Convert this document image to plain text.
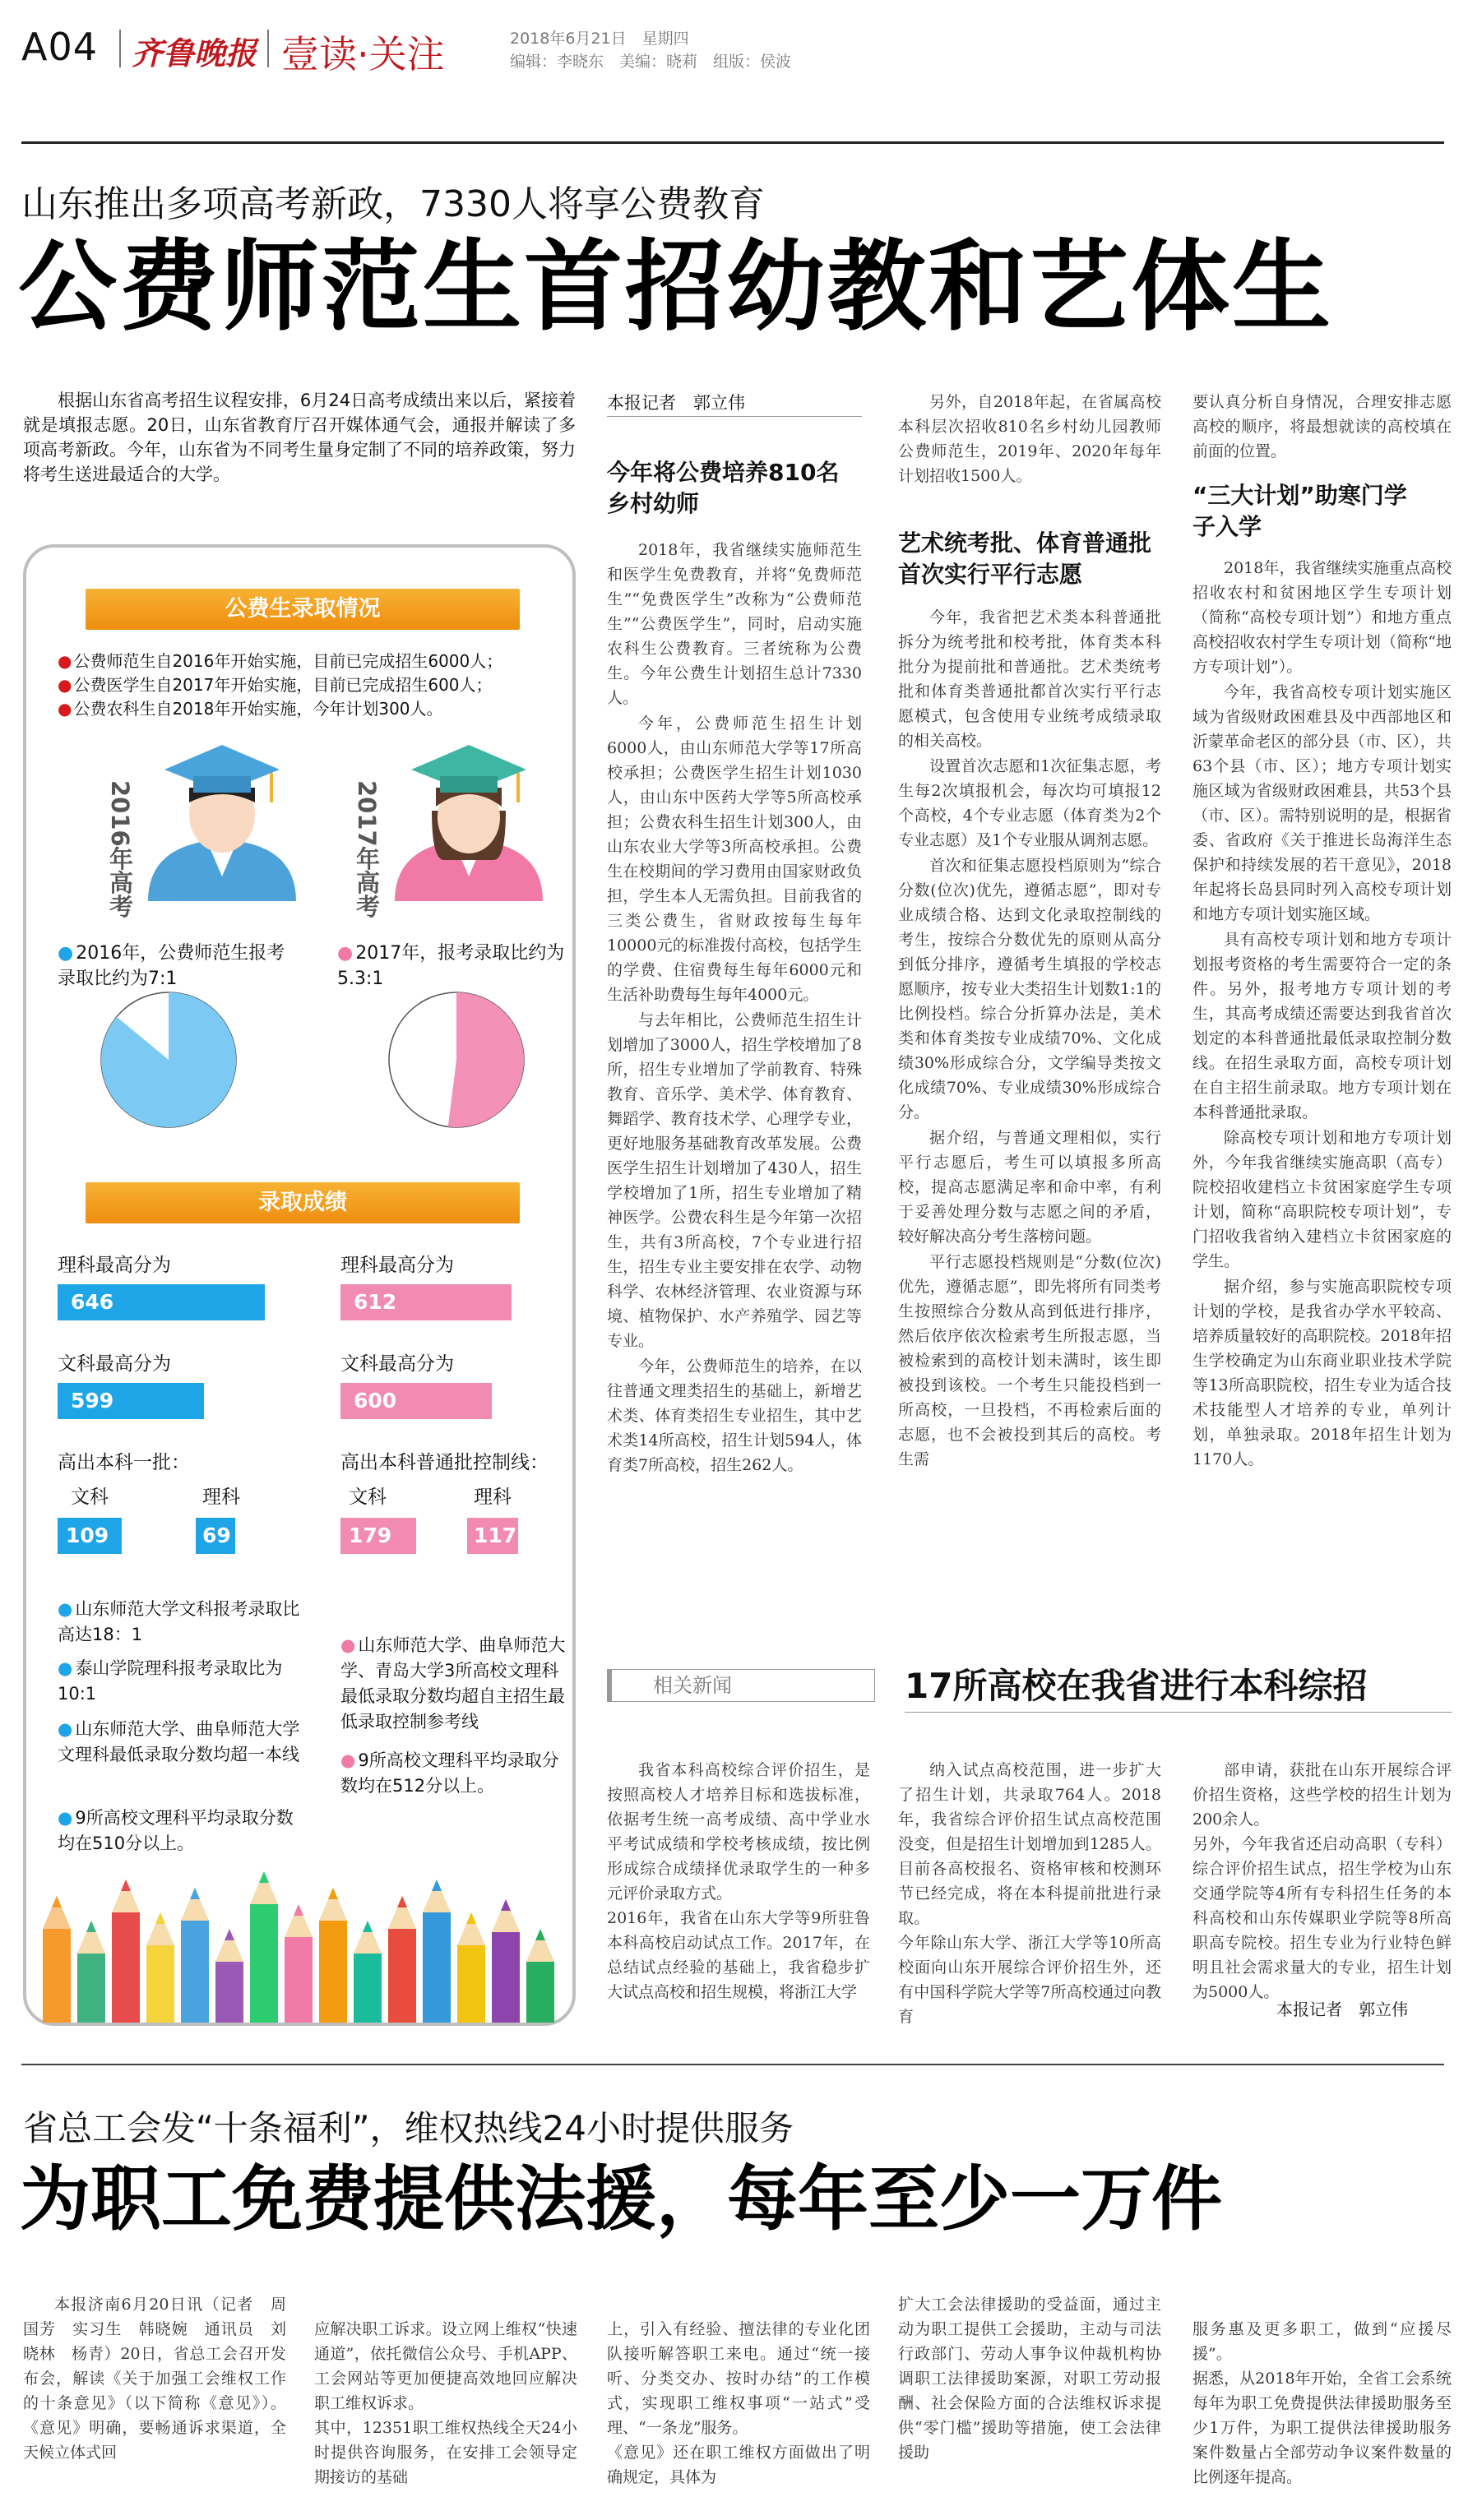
A04 齐鲁晚报 壹读·关注	2018年6月21日　星期四
编辑：李晓东　美编：晓莉　组版：侯波
山东推出多项高考新政，7330人将享公费教育
公费师范生首招幼教和艺体生

根据山东省高考招生议程安排，6月24日高考成绩出来以后，紧接着就是填报志愿。20日，山东省教育厅召开媒体通气会，通报并解读了多项高考新政。今年，山东省为不同考生量身定制了不同的培养政策，努力将考生送进最适合的大学。

公费生录取情况
● 公费师范生自2016年开始实施，目前已完成招生6000人；
● 公费医学生自2017年开始实施，目前已完成招生600人；
● 公费农科生自2018年开始实施，今年计划300人。
2016年高考	2017年高考
● 2016年，公费师范生报考录取比约为7:1
● 2017年，报考录取比约为5.3:1
录取成绩
理科最高分为
646
文科最高分为
599
理科最高分为
612
文科最高分为
600
高出本科一批：
文科	理科
109	69
高出本科普通批控制线：
文科	理科
179	117
● 山东师范大学文科报考录取比高达18：1
● 泰山学院理科报考录取比为10:1
● 山东师范大学、曲阜师范大学文理科最低录取分数均超一本线
● 9所高校文理科平均录取分数均在510分以上。
● 山东师范大学、曲阜师范大学、青岛大学3所高校文理科最低录取分数均超自主招生最低录取控制参考线
● 9所高校文理科平均录取分数均在512分以上。
本报记者　郭立伟
今年将公费培养810名乡村幼师

2018年，我省继续实施师范生和医学生免费教育，并将“免费师范生”“免费医学生”改称为“公费师范生”“公费医学生”，同时，启动实施农科生公费教育。三者统称为公费生。今年公费生计划招生总计7330人。

今年，公费师范生招生计划6000人，由山东师范大学等17所高校承担；公费医学生招生计划1030人，由山东中医药大学等5所高校承担；公费农科生招生计划300人，由山东农业大学等3所高校承担。公费生在校期间的学习费用由国家财政负担，学生本人无需负担。目前我省的三类公费生，省财政按每生每年10000元的标准拨付高校，包括学生的学费、住宿费每生每年6000元和生活补助费每生每年4000元。

与去年相比，公费师范生招生计划增加了3000人，招生学校增加了8所，招生专业增加了学前教育、特殊教育、音乐学、美术学、体育教育、舞蹈学、教育技术学、心理学专业，更好地服务基础教育改革发展。公费医学生招生计划增加了430人，招生学校增加了1所，招生专业增加了精神医学。公费农科生是今年第一次招生，共有3所高校，7个专业进行招生，招生专业主要安排在农学、动物科学、农林经济管理、农业资源与环境、植物保护、水产养殖学、园艺等专业。

今年，公费师范生的培养，在以往普通文理类招生的基础上，新增艺术类、体育类招生专业招生，其中艺术类14所高校，招生计划594人，体育类7所高校，招生262人。

另外，自2018年起，在省属高校本科层次招收810名乡村幼儿园教师公费师范生，2019年、2020年每年计划招收1500人。

艺术统考批、体育普通批首次实行平行志愿

今年，我省把艺术类本科普通批拆分为统考批和校考批，体育类本科批分为提前批和普通批。艺术类统考批和体育类普通批都首次实行平行志愿模式，包含使用专业统考成绩录取的相关高校。

设置首次志愿和1次征集志愿，考生每2次填报机会，每次均可填报12个高校，4个专业志愿（体育类为2个专业志愿）及1个专业服从调剂志愿。

首次和征集志愿投档原则为“综合分数(位次)优先，遵循志愿”，即对专业成绩合格、达到文化录取控制线的考生，按综合分数优先的原则从高分到低分排序，遵循考生填报的学校志愿顺序，按专业大类招生计划数1:1的比例投档。综合分折算办法是，美术类和体育类按专业成绩70%、文化成绩30%形成综合分，文学编导类按文化成绩70%、专业成绩30%形成综合分。

据介绍，与普通文理相似，实行平行志愿后，考生可以填报多所高校，提高志愿满足率和命中率，有利于妥善处理分数与志愿之间的矛盾，较好解决高分考生落榜问题。

平行志愿投档规则是“分数(位次)优先，遵循志愿”，即先将所有同类考生按照综合分数从高到低进行排序，然后依序依次检索考生所报志愿，当被检索到的高校计划未满时，该生即被投到该校。一个考生只能投档到一所高校，一旦投档，不再检索后面的志愿，也不会被投到其后的高校。考生需

要认真分析自身情况，合理安排志愿高校的顺序，将最想就读的高校填在前面的位置。

“三大计划”助寒门学子入学

2018年，我省继续实施重点高校招收农村和贫困地区学生专项计划（简称“高校专项计划”）和地方重点高校招收农村学生专项计划（简称“地方专项计划”）。

今年，我省高校专项计划实施区域为省级财政困难县及中西部地区和沂蒙革命老区的部分县（市、区），共63个县（市、区）；地方专项计划实施区域为省级财政困难县，共53个县（市、区）。需特别说明的是，根据省委、省政府《关于推进长岛海洋生态保护和持续发展的若干意见》，2018年起将长岛县同时列入高校专项计划和地方专项计划实施区域。

具有高校专项计划和地方专项计划报考资格的考生需要符合一定的条件。另外，报考地方专项计划的考生，其高考成绩还需要达到我省首次划定的本科普通批最低录取控制分数线。在招生录取方面，高校专项计划在自主招生前录取。地方专项计划在本科普通批录取。

除高校专项计划和地方专项计划外，今年我省继续实施高职（高专）院校招收建档立卡贫困家庭学生专项计划，简称“高职院校专项计划”，专门招收我省纳入建档立卡贫困家庭的学生。

据介绍，参与实施高职院校专项计划的学校，是我省办学水平较高、培养质量较好的高职院校。2018年招生学校确定为山东商业职业技术学院等13所高职院校，招生专业为适合技术技能型人才培养的专业，单列计划，单独录取。2018年招生计划为1170人。

相关新闻	17所高校在我省进行本科综招

我省本科高校综合评价招生，是按照高校人才培养目标和选拔标准，依据考生统一高考成绩、高中学业水平考试成绩和学校考核成绩，按比例形成综合成绩择优录取学生的一种多元评价录取方式。
2016年，我省在山东大学等9所驻鲁本科高校启动试点工作。2017年，在总结试点经验的基础上，我省稳步扩大试点高校和招生规模，将浙江大学

纳入试点高校范围，进一步扩大了招生计划，共录取764人。2018年，我省综合评价招生试点高校范围没变，但是招生计划增加到1285人。目前各高校报名、资格审核和校测环节已经完成，将在本科提前批进行录取。
今年除山东大学、浙江大学等10所高校面向山东开展综合评价招生外，还有中国科学院大学等7所高校通过向教育

部申请，获批在山东开展综合评价招生资格，这些学校的招生计划为200余人。
另外，今年我省还启动高职（专科）综合评价招生试点，招生学校为山东交通学院等4所有专科招生任务的本科高校和山东传媒职业学院等8所高职高专院校。招生专业为行业特色鲜明且社会需求量大的专业，招生计划为5000人。

本报记者　郭立伟
省总工会发“十条福利”，维权热线24小时提供服务
为职工免费提供法援，每年至少一万件

本报济南6月20日讯（记者　周国芳　实习生　韩晓婉　通讯员　刘晓林　杨青）20日，省总工会召开发布会，解读《关于加强工会维权工作的十条意见》（以下简称《意见》）。《意见》明确，要畅通诉求渠道，全天候立体式回

应解决职工诉求。设立网上维权“快速通道”，依托微信公众号、手机APP、工会网站等更加便捷高效地回应解决职工维权诉求。
其中，12351职工维权热线全天24小时提供咨询服务，在安排工会领导定期接访的基础

上，引入有经验、擅法律的专业化团队接听解答职工来电。通过“统一接听、分类交办、按时办结”的工作模式，实现职工维权事项“一站式”受理、“一条龙”服务。
《意见》还在职工维权方面做出了明确规定，具体为

扩大工会法律援助的受益面，通过主动为职工提供工会援助，主动与司法行政部门、劳动人事争议仲裁机构协调职工法律援助案源，对职工劳动报酬、社会保险方面的合法维权诉求提供“零门槛”援助等措施，使工会法律援助

服务惠及更多职工，做到“应援尽援”。
据悉，从2018年开始，全省工会系统每年为职工免费提供法律援助服务至少1万件，为职工提供法律援助服务案件数量占全部劳动争议案件数量的比例逐年提高。
